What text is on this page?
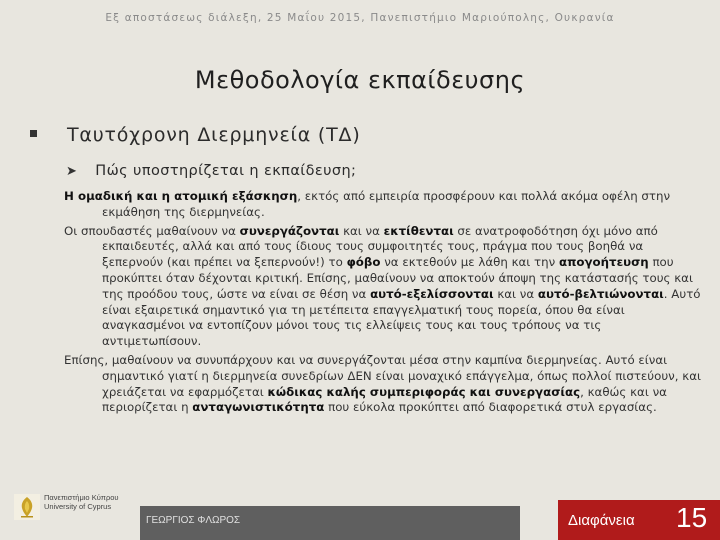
Εξ αποστάσεως διάλεξη, 25 Μαΐου 2015, Πανεπιστήμιο Μαριούπολης, Ουκρανία
Μεθοδολογία εκπαίδευσης
Ταυτόχρονη Διερμηνεία (ΤΔ)
➤ Πώς υποστηρίζεται η εκπαίδευση;

Η ομαδική και η ατομική εξάσκηση, εκτός από εμπειρία προσφέρουν και πολλά ακόμα οφέλη στην εκμάθηση της διερμηνείας.

Οι σπουδαστές μαθαίνουν να συνεργάζονται και να εκτίθενται σε ανατροφοδότηση όχι μόνο από εκπαιδευτές, αλλά και από τους ίδιους τους συμφοιτητές τους, πράγμα που τους βοηθά να ξεπερνούν (και πρέπει να ξεπερνούν!) το φόβο να εκτεθούν με λάθη και την απογοήτευση που προκύπτει όταν δέχονται κριτική. Επίσης, μαθαίνουν να αποκτούν άποψη της κατάστασής τους και της προόδου τους, ώστε να είναι σε θέση να αυτό-εξελίσσονται και να αυτό-βελτιώνονται. Αυτό είναι εξαιρετικά σημαντικό για τη μετέπειτα επαγγελματική τους πορεία, όπου θα είναι αναγκασμένοι να εντοπίζουν μόνοι τους τις ελλείψεις τους και τους τρόπους να τις αντιμετωπίσουν.

Επίσης, μαθαίνουν να συνυπάρχουν και να συνεργάζονται μέσα στην καμπίνα διερμηνείας. Αυτό είναι σημαντικό γιατί η διερμηνεία συνεδρίων ΔΕΝ είναι μοναχικό επάγγελμα, όπως πολλοί πιστεύουν, και χρειάζεται να εφαρμόζεται κώδικας καλής συμπεριφοράς και συνεργασίας, καθώς και να περιορίζεται η ανταγωνιστικότητα που εύκολα προκύπτει από διαφορετικά στυλ εργασίας.

Πανεπιστήμιο Κύπρου
University of Cyprus
ΓΕΩΡΓΙΟΣ ΦΛΩΡΟΣ	Διαφάνεια 15
